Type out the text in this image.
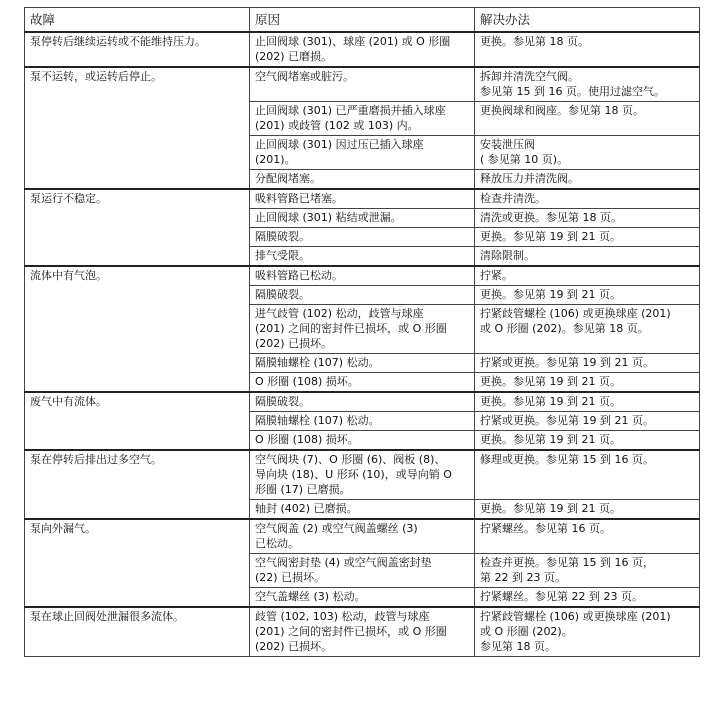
故障	原因	解决办法
泵停转后继续运转或不能维持压力。	止回阀球 (301)、球座 (201) 或 O 形圈
(202) 已磨损。	更换。参见第 18 页。
泵不运转，或运转后停止。	空气阀堵塞或脏污。	拆卸并清洗空气阀。
参见第 15 到 16 页。使用过滤空气。
	止回阀球 (301) 已严重磨损并插入球座
(201) 或歧管 (102 或 103) 内。	更换阀球和阀座。参见第 18 页。
	止回阀球 (301) 因过压已插入球座
(201)。	安装泄压阀
( 参见第 10 页)。
	分配阀堵塞。	释放压力并清洗阀。
泵运行不稳定。	吸料管路已堵塞。	检查并清洗。
	止回阀球 (301) 粘结或泄漏。	清洗或更换。参见第 18 页。
	隔膜破裂。	更换。参见第 19 到 21 页。
	排气受限。	清除限制。
流体中有气泡。	吸料管路已松动。	拧紧。
	隔膜破裂。	更换。参见第 19 到 21 页。
	进气歧管 (102) 松动，歧管与球座
(201) 之间的密封件已损坏，或 O 形圈
(202) 已损坏。	拧紧歧管螺栓 (106) 或更换球座 (201)
或 O 形圈 (202)。参见第 18 页。
	隔膜轴螺栓 (107) 松动。	拧紧或更换。参见第 19 到 21 页。
	O 形圈 (108) 损坏。	更换。参见第 19 到 21 页。
废气中有流体。	隔膜破裂。	更换。参见第 19 到 21 页。
	隔膜轴螺栓 (107) 松动。	拧紧或更换。参见第 19 到 21 页。
	O 形圈 (108) 损坏。	更换。参见第 19 到 21 页。
泵在停转后排出过多空气。	空气阀块 (7)、O 形圈 (6)、阀板 (8)、
导向块 (18)、U 形环 (10)，或导向销 O
形圈 (17) 已磨损。	修理或更换。参见第 15 到 16 页。
	轴封 (402) 已磨损。	更换。参见第 19 到 21 页。
泵向外漏气。	空气阀盖 (2) 或空气阀盖螺丝 (3)
已松动。	拧紧螺丝。参见第 16 页。
	空气阀密封垫 (4) 或空气阀盖密封垫
(22) 已损坏。	检查并更换。参见第 15 到 16 页，
第 22 到 23 页。
	空气盖螺丝 (3) 松动。	拧紧螺丝。参见第 22 到 23 页。
泵在球止回阀处泄漏很多流体。	歧管 (102, 103) 松动，歧管与球座
(201) 之间的密封件已损坏，或 O 形圈
(202) 已损坏。	拧紧歧管螺栓 (106) 或更换球座 (201)
或 O 形圈 (202)。
参见第 18 页。
